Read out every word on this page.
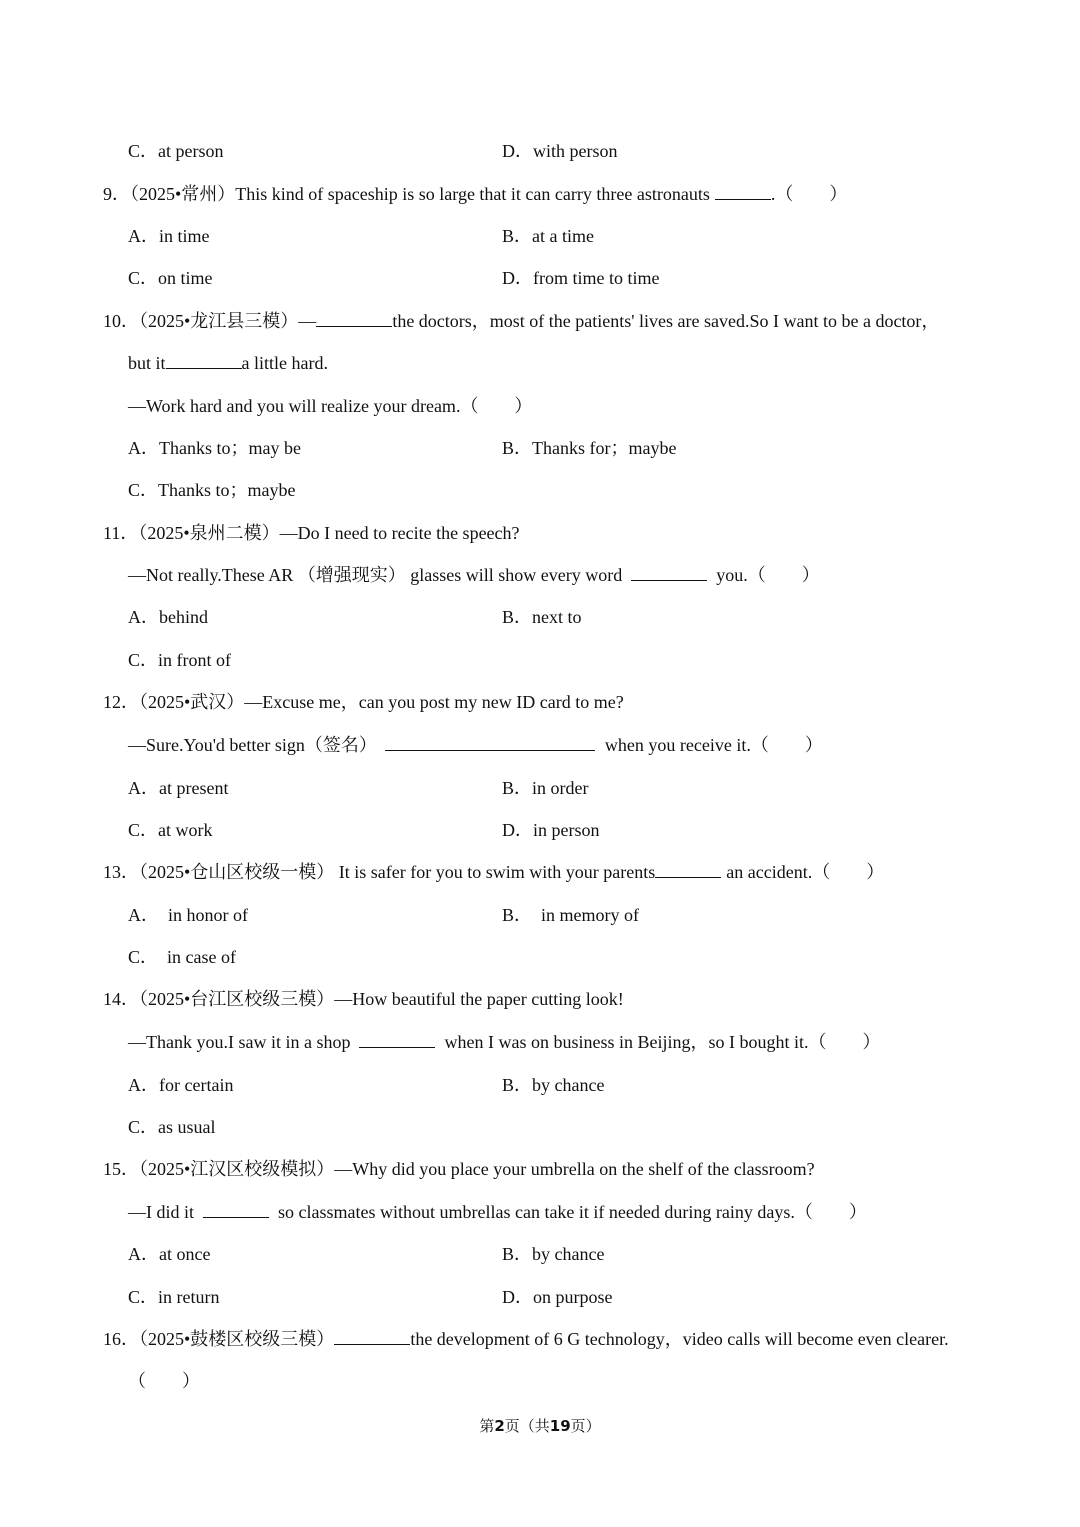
C．at person	D．with person
9．（2025•常州）This kind of spaceship is so large that it can carry three astronauts	.（　　）
A．in time	B．at a time
C．on time	D．from time to time
10．（2025•龙江县三模）—	the doctors，most of the patients' lives are saved.So I want to be a doctor，
but it	a little hard.
—Work hard and you will realize your dream.（　　）
A．Thanks to；may be	B．Thanks for；maybe
C．Thanks to；maybe
11．（2025•泉州二模）—Do I need to recite the speech?
—Not really.These AR （增强现实） glasses will show every word	you.（　　）
A．behind	B．next to
C．in front of
12．（2025•武汉）—Excuse me，can you post my new ID card to me?
—Sure.You'd better sign（签名）	when you receive it.（　　）
A．at present	B．in order
C．at work	D．in person
13．（2025•仓山区校级一模） It is safer for you to swim with your parents	an accident.（　　）
A．　in honor of	B．　in memory of
C．　in case of
14．（2025•台江区校级三模）—How beautiful the paper cutting look!
—Thank you.I saw it in a shop	when I was on business in Beijing，so I bought it.（　　）
A．for certain	B．by chance
C．as usual
15．（2025•江汉区校级模拟）—Why did you place your umbrella on the shelf of the classroom?
—I did it	so classmates without umbrellas can take it if needed during rainy days.（　　）
A．at once	B．by chance
C．in return	D．on purpose
16．（2025•鼓楼区校级三模）	the development of 6 G technology，video calls will become even clearer.
（　　）
第2页（共19页）
